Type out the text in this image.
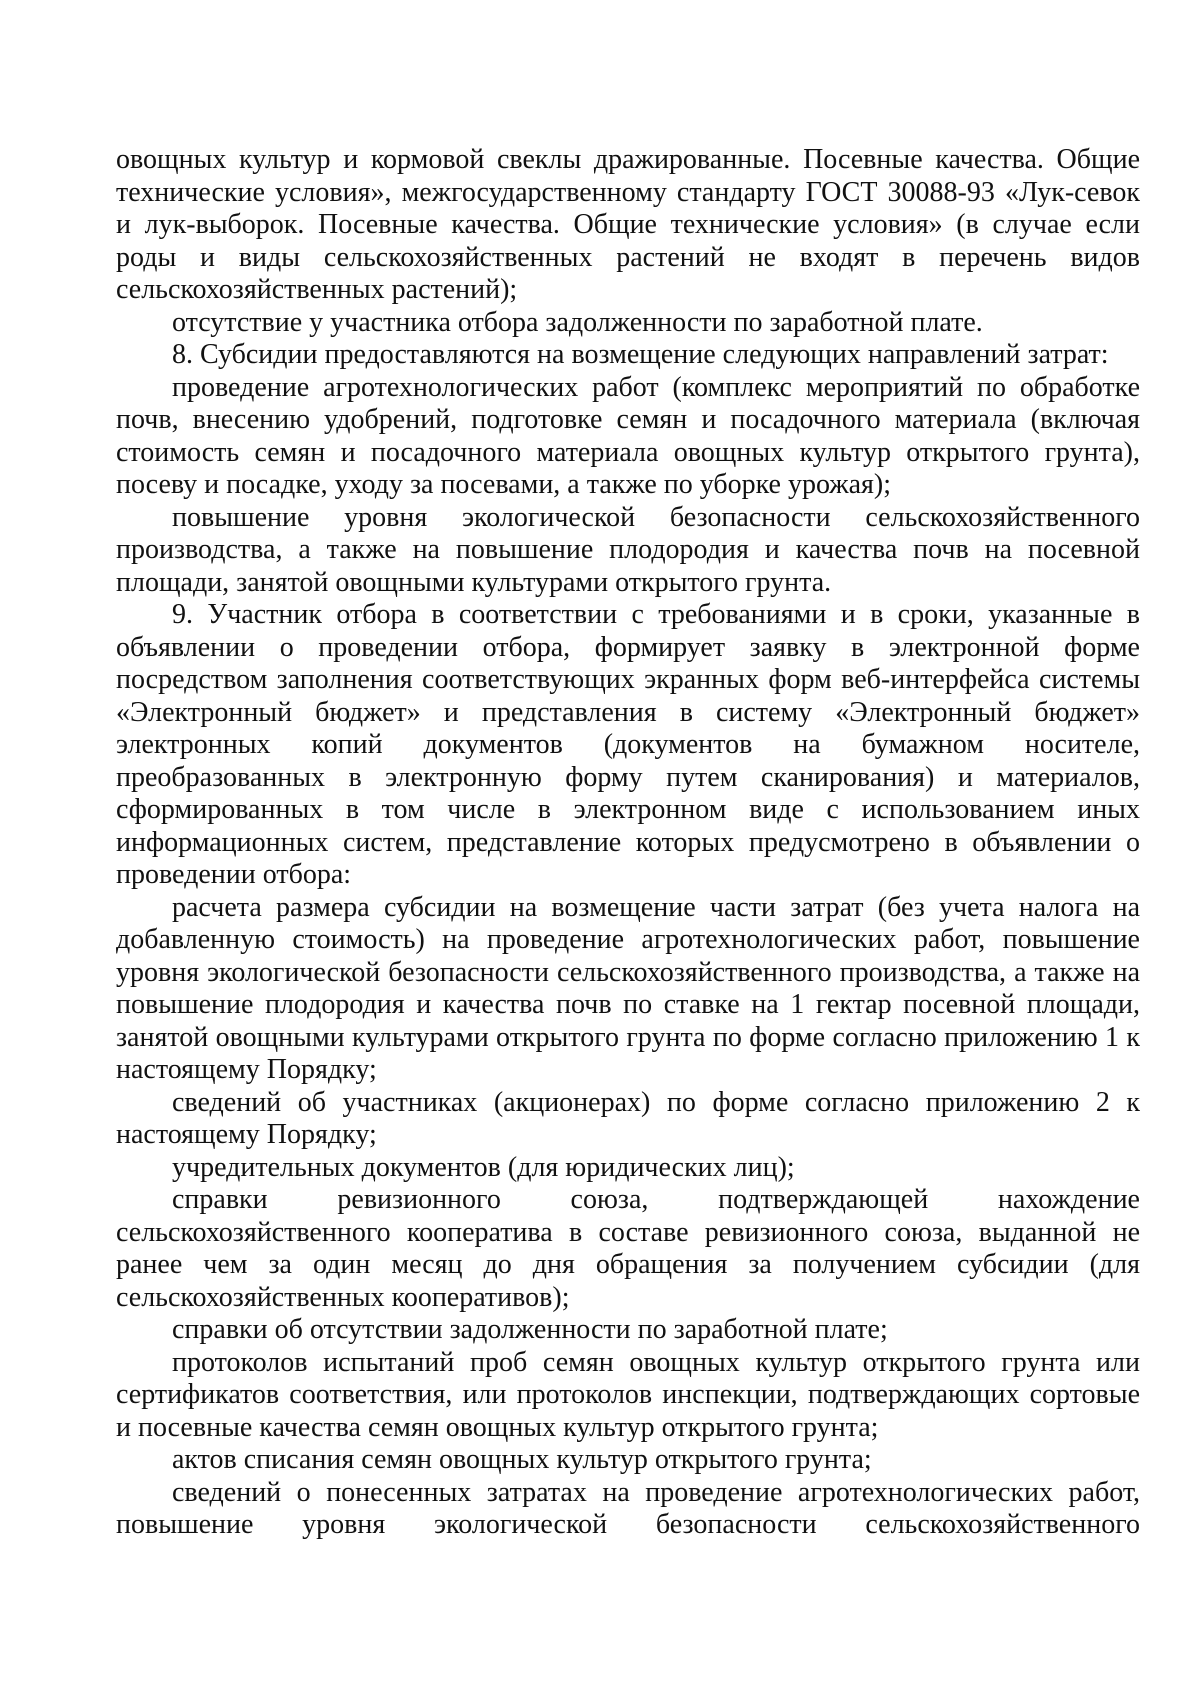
овощных культур и кормовой свеклы дражированные. Посевные качества. Общие технические условия», межгосударственному стандарту ГОСТ 30088-93 «Лук-севок и лук-выборок. Посевные качества. Общие технические условия» (в случае если роды и виды сельскохозяйственных растений не входят в перечень видов сельскохозяйственных растений);

отсутствие у участника отбора задолженности по заработной плате.

8. Субсидии предоставляются на возмещение следующих направлений затрат:

проведение агротехнологических работ (комплекс мероприятий по обработке почв, внесению удобрений, подготовке семян и посадочного материала (включая стоимость семян и посадочного материала овощных культур открытого грунта), посеву и посадке, уходу за посевами, а также по уборке урожая);

повышение уровня экологической безопасности сельскохозяйственного производства, а также на повышение плодородия и качества почв на посевной площади, занятой овощными культурами открытого грунта.

9. Участник отбора в соответствии с требованиями и в сроки, указанные в объявлении о проведении отбора, формирует заявку в электронной форме посредством заполнения соответствующих экранных форм веб-интерфейса системы «Электронный бюджет» и представления в систему «Электронный бюджет» электронных копий документов (документов на бумажном носителе, преобразованных в электронную форму путем сканирования) и материалов, сформированных в том числе в электронном виде с использованием иных информационных систем, представление которых предусмотрено в объявлении о проведении отбора:

расчета размера субсидии на возмещение части затрат (без учета налога на добавленную стоимость) на проведение агротехнологических работ, повышение уровня экологической безопасности сельскохозяйственного производства, а также на повышение плодородия и качества почв по ставке на 1 гектар посевной площади, занятой овощными культурами открытого грунта по форме согласно приложению 1 к настоящему Порядку;

сведений об участниках (акционерах) по форме согласно приложению 2 к настоящему Порядку;

учредительных документов (для юридических лиц);

справки ревизионного союза, подтверждающей нахождение сельскохозяйственного кооператива в составе ревизионного союза, выданной не ранее чем за один месяц до дня обращения за получением субсидии (для сельскохозяйственных кооперативов);

справки об отсутствии задолженности по заработной плате;

протоколов испытаний проб семян овощных культур открытого грунта или сертификатов соответствия, или протоколов инспекции, подтверждающих сортовые и посевные качества семян овощных культур открытого грунта;

актов списания семян овощных культур открытого грунта;

сведений о понесенных затратах на проведение агротехнологических работ, повышение уровня экологической безопасности сельскохозяйственного
